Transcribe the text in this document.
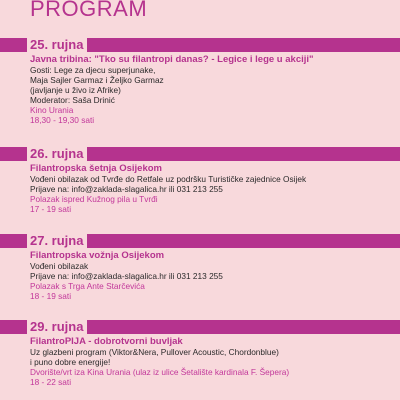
PROGRAM
25. rujna
Javna tribina: "Tko su filantropi danas? - Legice i lege u akciji"
Gosti: Lege za djecu superjunake,
Maja Sajler Garmaz i Željko Garmaz
(javljanje u živo iz Afrike)
Moderator: Saša Drinić
Kino Urania
18,30 - 19,30 sati
26. rujna
Filantropska šetnja Osijekom
Vođeni obilazak od Tvrđe do Retfale uz podršku Turističke zajednice Osijek
Prijave na: info@zaklada-slagalica.hr ili 031 213 255
Polazak ispred Kužnog pila u Tvrđi
17 - 19 sati
27. rujna
Filantropska vožnja Osijekom
Vođeni obilazak
Prijave na: info@zaklada-slagalica.hr ili 031 213 255
Polazak s Trga Ante Starčevića
18 - 19 sati
29. rujna
FilantroPIJA - dobrotvorni buvljak
Uz glazbeni program (Viktor&Nera, Pullover Acoustic, Chordonblue)
i puno dobre energije!
Dvorište/vrt iza Kina Urania (ulaz iz ulice Šetalište kardinala F. Šepera)
18 - 22 sati
